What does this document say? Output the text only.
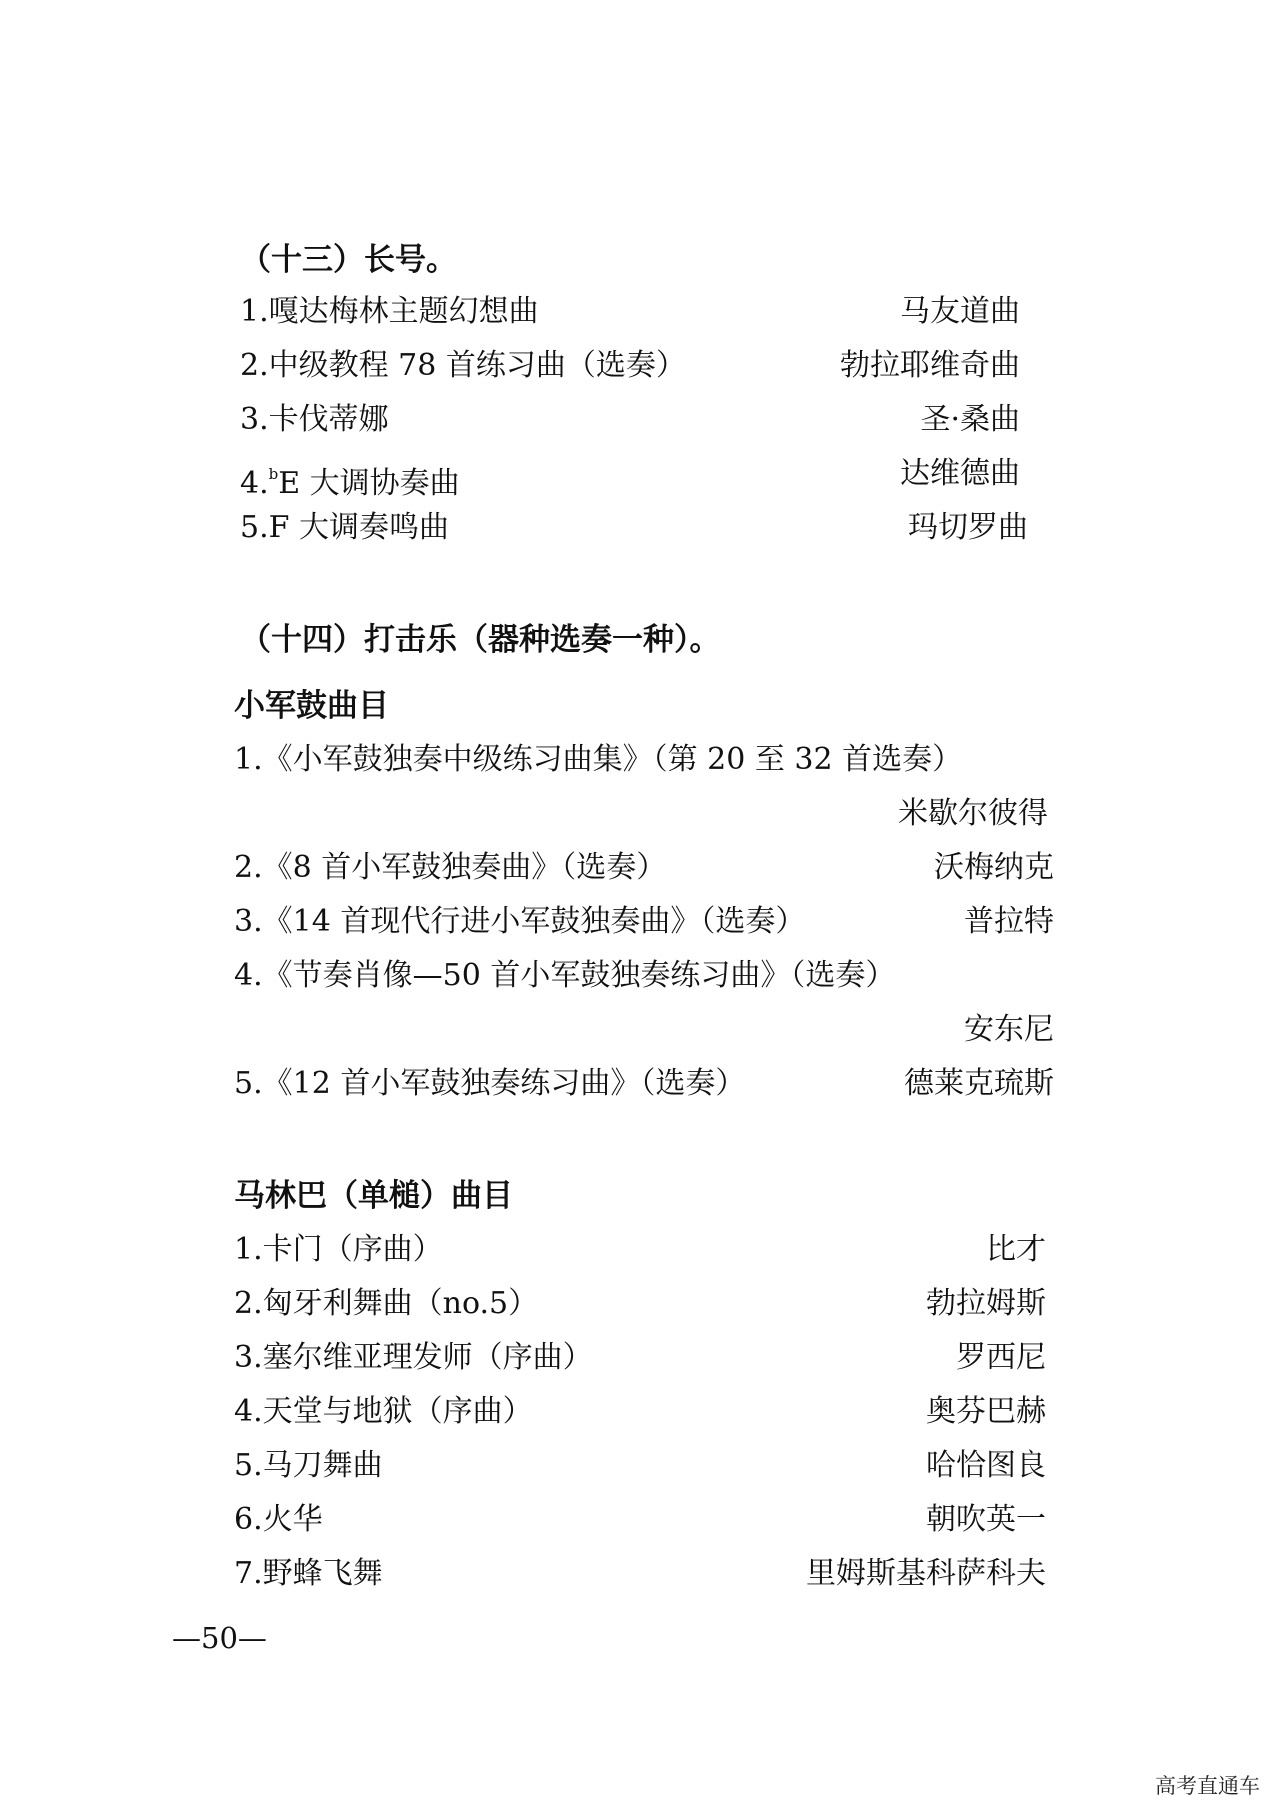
（十三）长号。
1.嘎达梅林主题幻想曲	马友道曲
2.中级教程 78 首练习曲（选奏）	勃拉耶维奇曲
3.卡伐蒂娜	圣·桑曲
4.$^b$E 大调协奏曲	达维德曲
5.F 大调奏鸣曲	玛切罗曲
（十四）打击乐（器种选奏一种）。
小军鼓曲目
1.《小军鼓独奏中级练习曲集》（第 20 至 32 首选奏）
米歇尔彼得
2.《8 首小军鼓独奏曲》（选奏）	沃梅纳克
3.《14 首现代行进小军鼓独奏曲》（选奏）	普拉特
4.《节奏肖像—50 首小军鼓独奏练习曲》（选奏）
安东尼
5.《12 首小军鼓独奏练习曲》（选奏）	德莱克琉斯
马林巴（单槌）曲目
1.卡门（序曲）	比才
2.匈牙利舞曲（no.5）	勃拉姆斯
3.塞尔维亚理发师（序曲）	罗西尼
4.天堂与地狱（序曲）	奥芬巴赫
5.马刀舞曲	哈恰图良
6.火华	朝吹英一
7.野蜂飞舞	里姆斯基科萨科夫
—50—
高考直通车
